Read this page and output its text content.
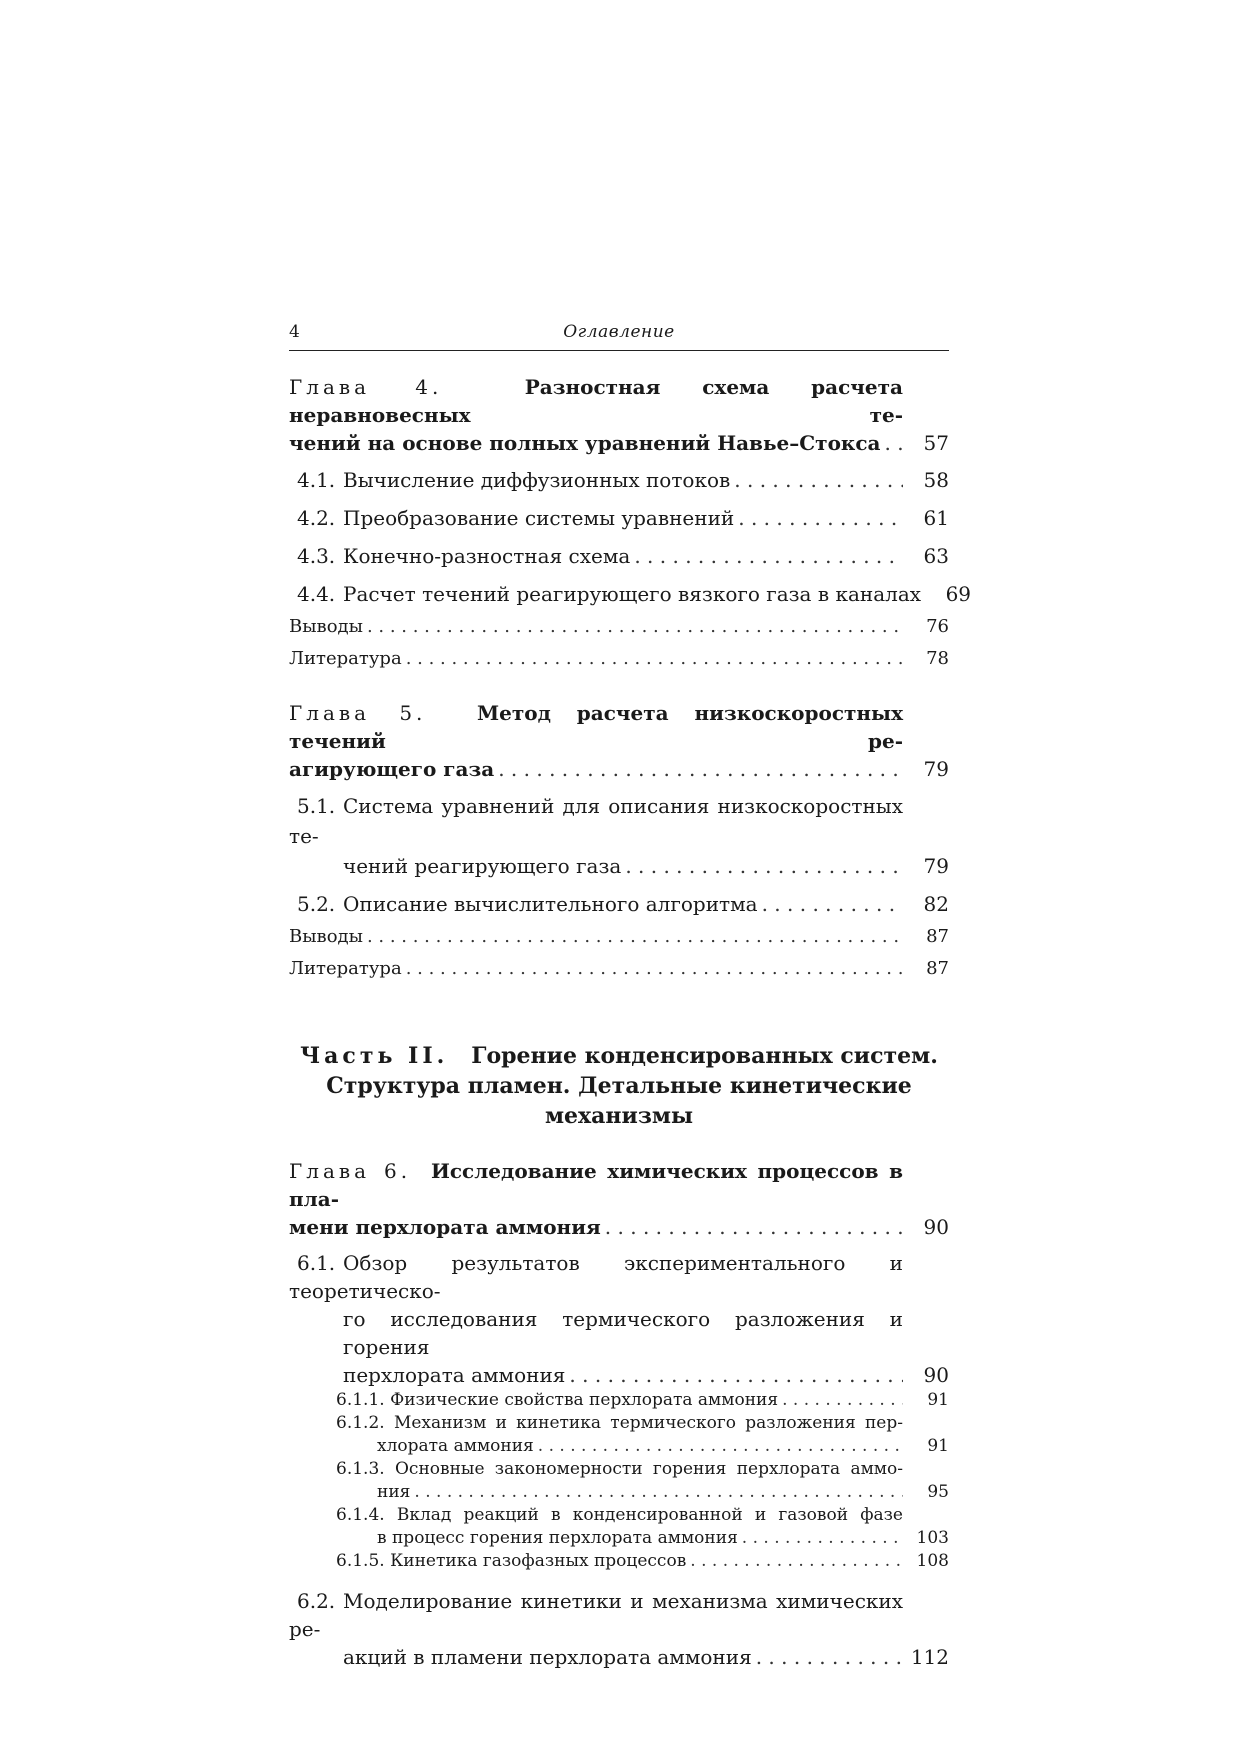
4	Оглавление
Глава 4.	Разностная схема расчета неравновесных те-
чений на основе полных уравнений Навье–Стокса . . .	57
4.1. Вычисление диффузионных потоков . . .	58
4.2. Преобразование системы уравнений . . .	61
4.3. Конечно-разностная схема . . .	63
4.4. Расчет течений реагирующего вязкого газа в каналах	69
Выводы . . .	76
Литература . . .	78
Глава 5.	Метод расчета низкоскоростных течений ре-
агирующего газа . . .	79
5.1. Система уравнений для описания низкоскоростных те-
чений реагирующего газа . . .	79
5.2. Описание вычислительного алгоритма . . .	82
Выводы . . .	87
Литература . . .	87
Часть II. Горение конденсированных систем.
Структура пламен. Детальные кинетические
механизмы
Глава 6. Исследование химических процессов в пла-
мени перхлората аммония . . .	90
6.1. Обзор результатов экспериментального и теоретическо-
го исследования термического разложения и горения
перхлората аммония . . .	90
6.1.1. Физические свойства перхлората аммония . . .	91
6.1.2. Механизм и кинетика термического разложения пер-
хлората аммония . . .	91
6.1.3. Основные закономерности горения перхлората аммо-
ния . . .	95
6.1.4. Вклад реакций в конденсированной и газовой фазе
в процесс горения перхлората аммония . . .	103
6.1.5. Кинетика газофазных процессов . . .	108
6.2. Моделирование кинетики и механизма химических ре-
акций в пламени перхлората аммония . . .	112
